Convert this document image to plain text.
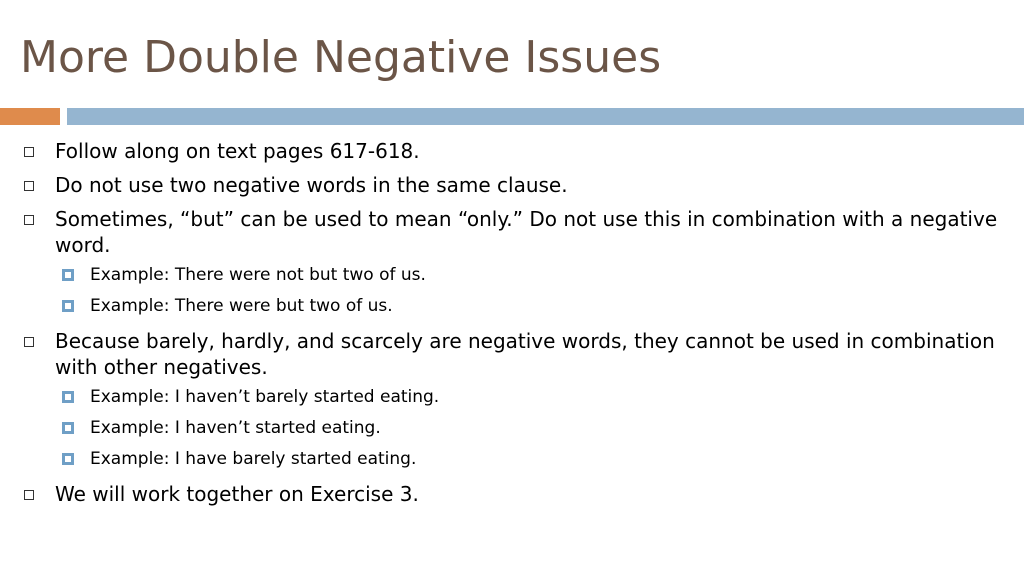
More Double Negative Issues
Follow along on text pages 617-618.
Do not use two negative words in the same clause.
Sometimes, “but” can be used to mean “only.” Do not use this in combination with a negative word.
Example: There were not but two of us.
Example: There were but two of us.
Because barely, hardly, and scarcely are negative words, they cannot be used in combination with other negatives.
Example: I haven’t barely started eating.
Example: I haven’t started eating.
Example: I have barely started eating.
We will work together on Exercise 3.
